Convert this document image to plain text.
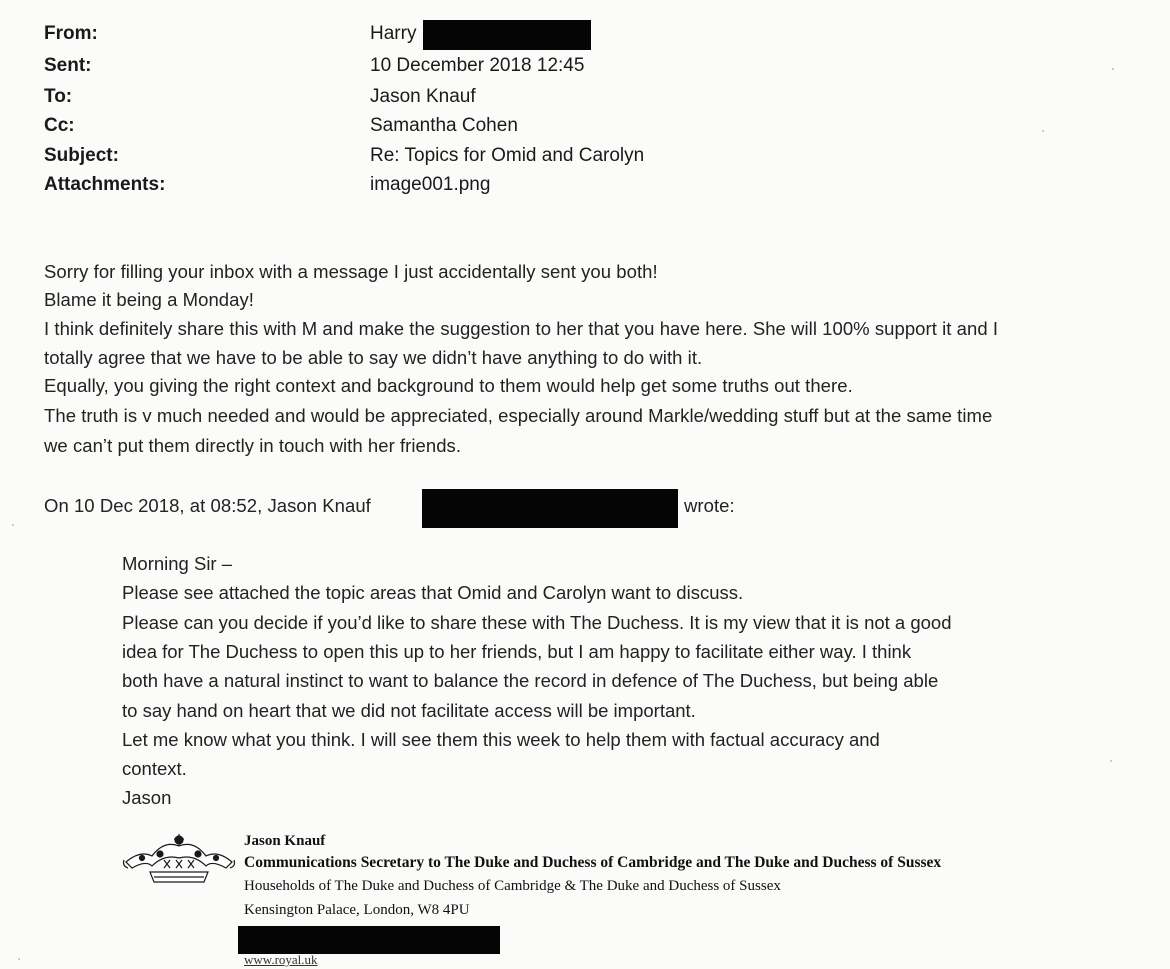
From:	Harry
Sent:	10 December 2018 12:45
To:	Jason Knauf
Cc:	Samantha Cohen
Subject:	Re: Topics for Omid and Carolyn
Attachments:	image001.png
Sorry for filling your inbox with a message I just accidentally sent you both!
Blame it being a Monday!
I think definitely share this with M and make the suggestion to her that you have here. She will 100% support it and I
totally agree that we have to be able to say we didn’t have anything to do with it.
Equally, you giving the right context and background to them would help get some truths out there.
The truth is v much needed and would be appreciated, especially around Markle/wedding stuff but at the same time
we can’t put them directly in touch with her friends.
On 10 Dec 2018, at 08:52, Jason Knauf	wrote:
Morning Sir –
Please see attached the topic areas that Omid and Carolyn want to discuss.
Please can you decide if you’d like to share these with The Duchess. It is my view that it is not a good
idea for The Duchess to open this up to her friends, but I am happy to facilitate either way. I think
both have a natural instinct to want to balance the record in defence of The Duchess, but being able
to say hand on heart that we did not facilitate access will be important.
Let me know what you think. I will see them this week to help them with factual accuracy and
context.
Jason
Jason Knauf
Communications Secretary to The Duke and Duchess of Cambridge and The Duke and Duchess of Sussex
Households of The Duke and Duchess of Cambridge & The Duke and Duchess of Sussex
Kensington Palace, London, W8 4PU
www.royal.uk
